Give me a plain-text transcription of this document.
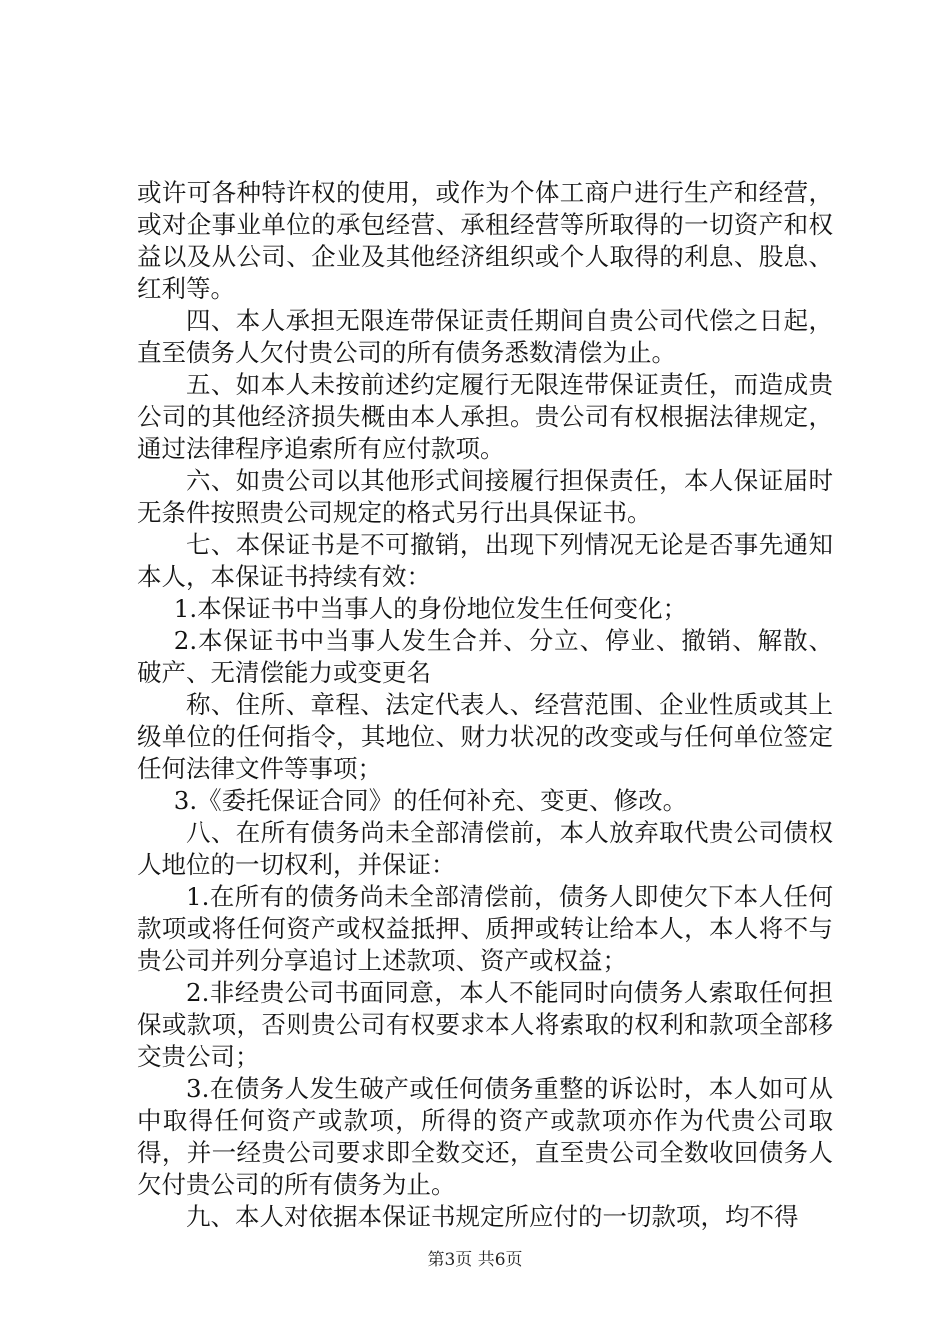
或许可各种特许权的使用，或作为个体工商户进行生产和经营，或对企事业单位的承包经营、承租经营等所取得的一切资产和权益以及从公司、企业及其他经济组织或个人取得的利息、股息、红利等。

四、本人承担无限连带保证责任期间自贵公司代偿之日起，直至债务人欠付贵公司的所有债务悉数清偿为止。

五、如本人未按前述约定履行无限连带保证责任，而造成贵公司的其他经济损失概由本人承担。贵公司有权根据法律规定，通过法律程序追索所有应付款项。

六、如贵公司以其他形式间接履行担保责任，本人保证届时无条件按照贵公司规定的格式另行出具保证书。

七、本保证书是不可撤销，出现下列情况无论是否事先通知本人，本保证书持续有效：

1.本保证书中当事人的身份地位发生任何变化；

2.本保证书中当事人发生合并、分立、停业、撤销、解散、破产、无清偿能力或变更名

称、住所、章程、法定代表人、经营范围、企业性质或其上级单位的任何指令，其地位、财力状况的改变或与任何单位签定任何法律文件等事项；

3.《委托保证合同》的任何补充、变更、修改。

八、在所有债务尚未全部清偿前，本人放弃取代贵公司债权人地位的一切权利，并保证：

1.在所有的债务尚未全部清偿前，债务人即使欠下本人任何款项或将任何资产或权益抵押、质押或转让给本人，本人将不与贵公司并列分享追讨上述款项、资产或权益；

2.非经贵公司书面同意，本人不能同时向债务人索取任何担保或款项，否则贵公司有权要求本人将索取的权利和款项全部移交贵公司；

3.在债务人发生破产或任何债务重整的诉讼时，本人如可从中取得任何资产或款项，所得的资产或款项亦作为代贵公司取得，并一经贵公司要求即全数交还，直至贵公司全数收回债务人欠付贵公司的所有债务为止。

九、本人对依据本保证书规定所应付的一切款项，均不得

第3页 共6页
